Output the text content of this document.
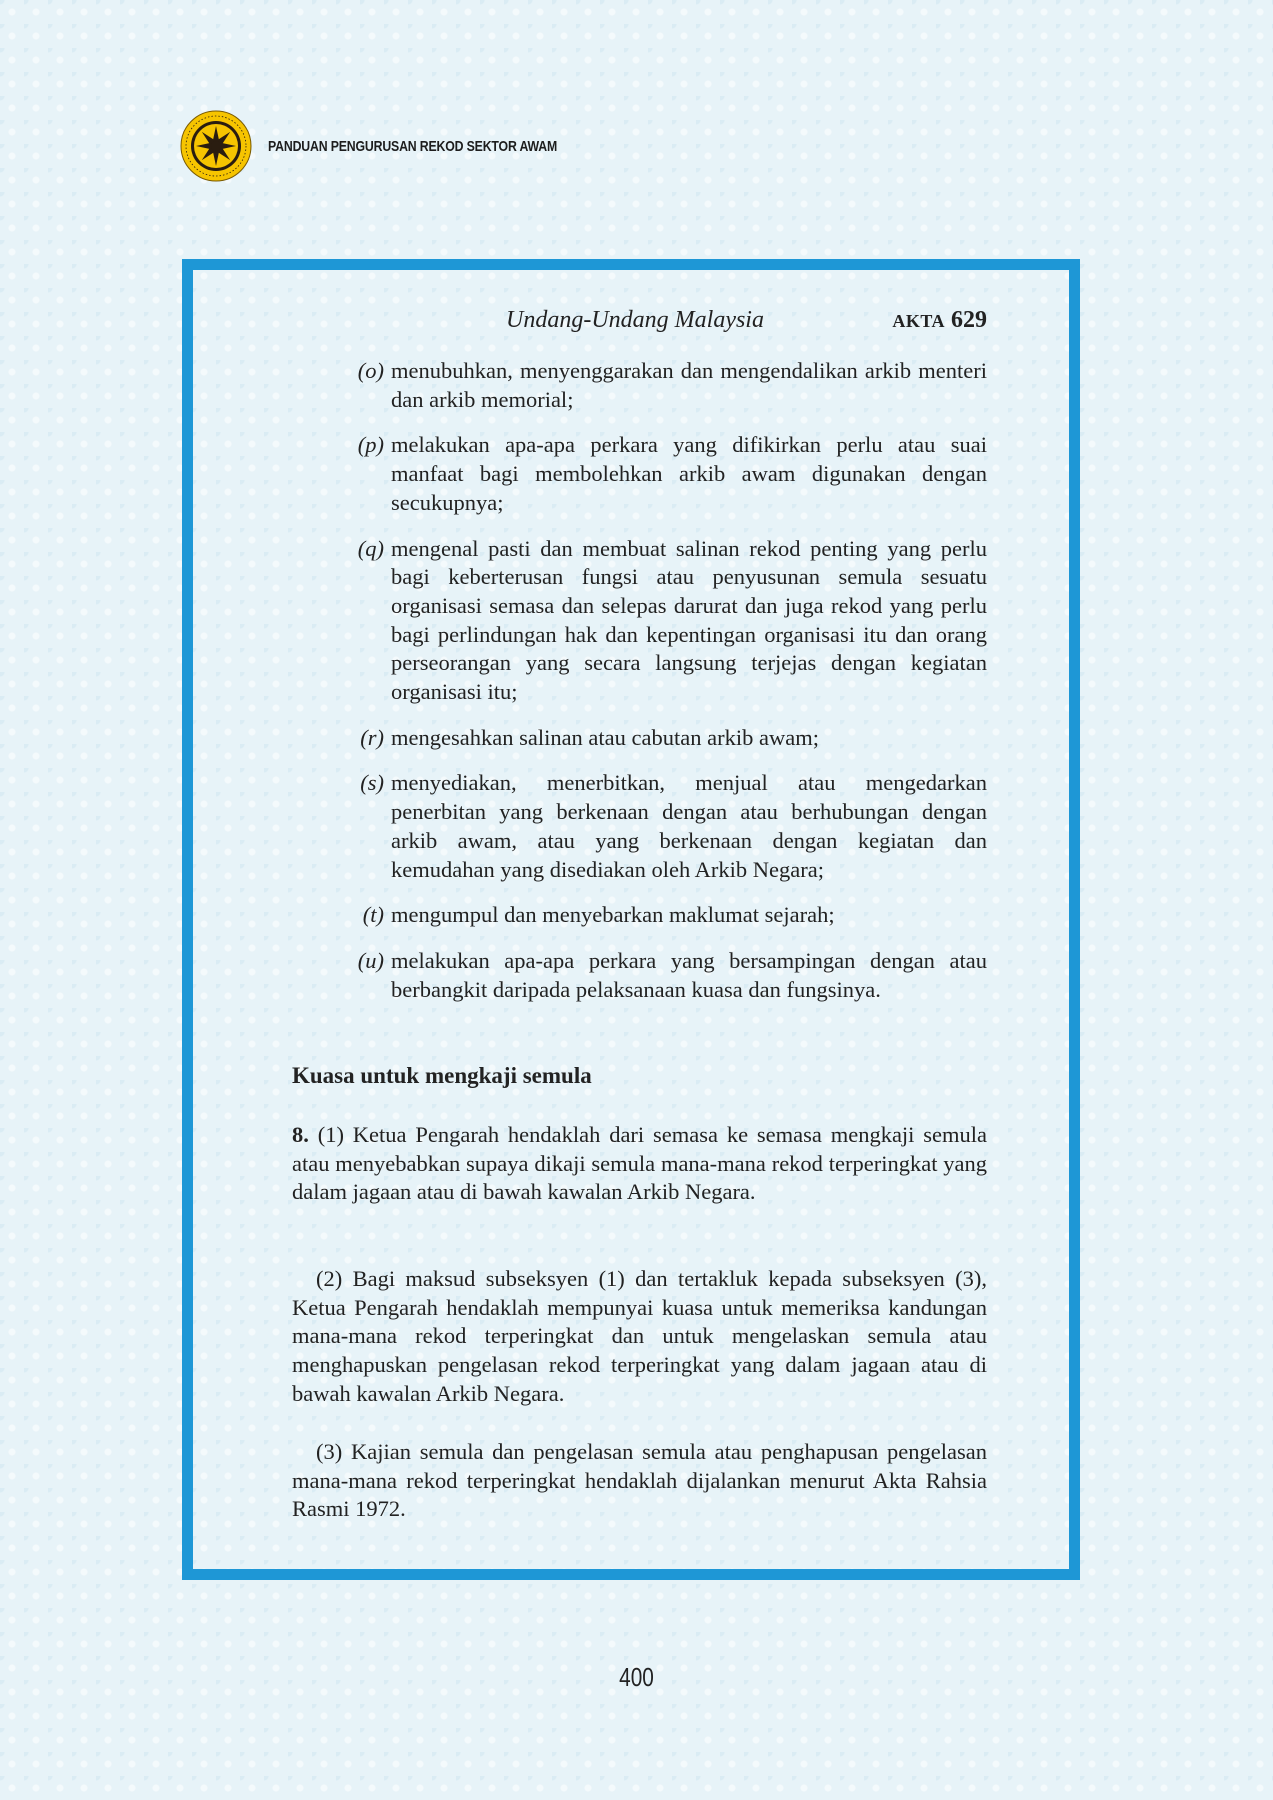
PANDUAN PENGURUSAN REKOD SEKTOR AWAM
Undang-Undang Malaysia	AKTA 629
(o) menubuhkan, menyenggarakan dan mengendalikan arkib menteri dan arkib memorial;
(p) melakukan apa-apa perkara yang difikirkan perlu atau suai manfaat bagi membolehkan arkib awam digunakan dengan secukupnya;
(q) mengenal pasti dan membuat salinan rekod penting yang perlu bagi keberterusan fungsi atau penyusunan semula sesuatu organisasi semasa dan selepas darurat dan juga rekod yang perlu bagi perlindungan hak dan kepentingan organisasi itu dan orang perseorangan yang secara langsung terjejas dengan kegiatan organisasi itu;
(r) mengesahkan salinan atau cabutan arkib awam;
(s) menyediakan, menerbitkan, menjual atau mengedarkan penerbitan yang berkenaan dengan atau berhubungan dengan arkib awam, atau yang berkenaan dengan kegiatan dan kemudahan yang disediakan oleh Arkib Negara;
(t) mengumpul dan menyebarkan maklumat sejarah;
(u) melakukan apa-apa perkara yang bersampingan dengan atau berbangkit daripada pelaksanaan kuasa dan fungsinya.
Kuasa untuk mengkaji semula
8. (1) Ketua Pengarah hendaklah dari semasa ke semasa mengkaji semula atau menyebabkan supaya dikaji semula mana-mana rekod terperingkat yang dalam jagaan atau di bawah kawalan Arkib Negara.
(2) Bagi maksud subseksyen (1) dan tertakluk kepada subseksyen (3), Ketua Pengarah hendaklah mempunyai kuasa untuk memeriksa kandungan mana-mana rekod terperingkat dan untuk mengelaskan semula atau menghapuskan pengelasan rekod terperingkat yang dalam jagaan atau di bawah kawalan Arkib Negara.
(3) Kajian semula dan pengelasan semula atau penghapusan pengelasan mana-mana rekod terperingkat hendaklah dijalankan menurut Akta Rahsia Rasmi 1972.
400
